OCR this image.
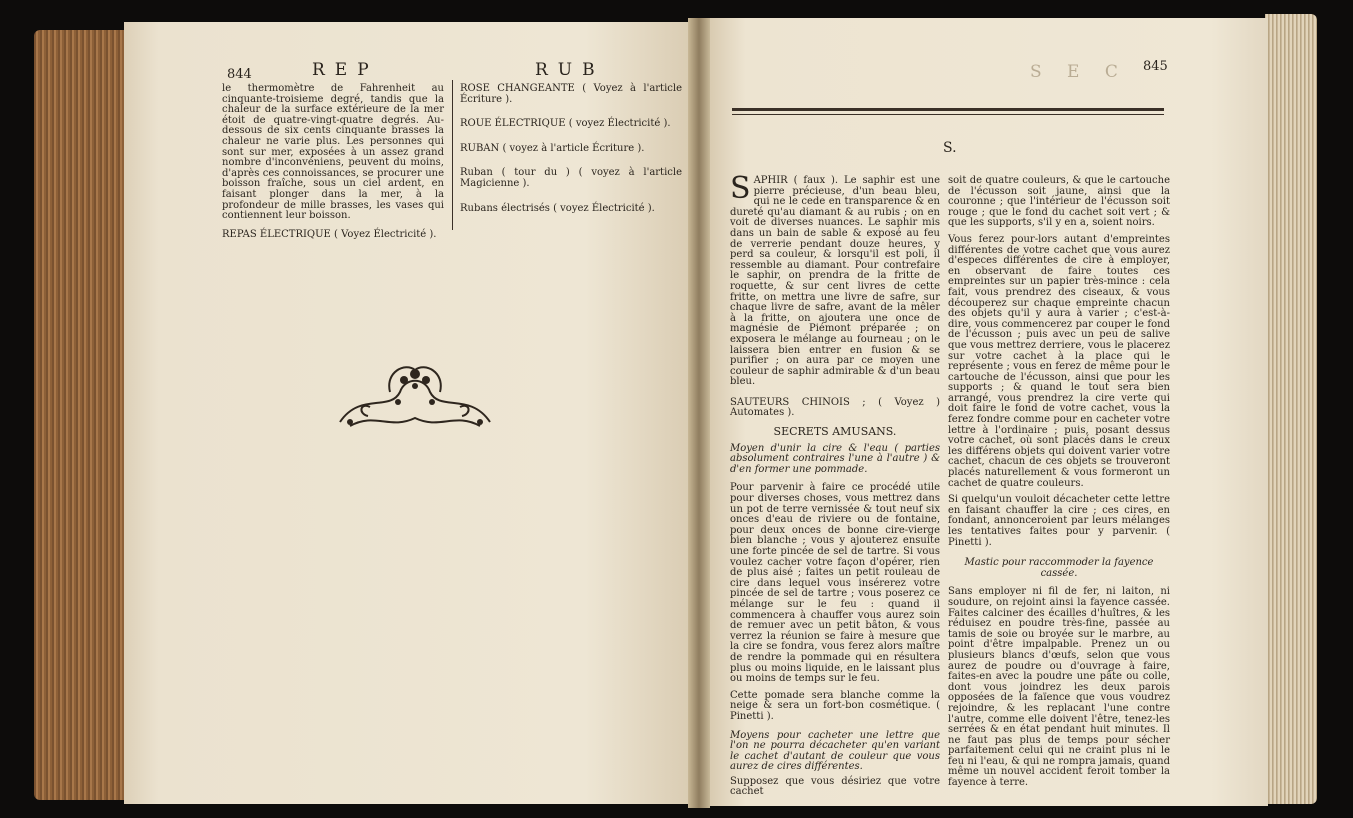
844	REP	RUB

le thermomètre de Fahrenheit au cinquante-troisieme degré, tandis que la chaleur de la surface extérieure de la mer étoit de quatre-vingt-quatre degrés. Au-dessous de six cents cinquante brasses la chaleur ne varie plus. Les personnes qui sont sur mer, exposées à un assez grand nombre d'inconvéniens, peuvent du moins, d'après ces connoissances, se procurer une boisson fraîche, sous un ciel ardent, en faisant plonger dans la mer, à la profondeur de mille brasses, les vases qui contiennent leur boisson.

REPAS ÉLECTRIQUE ( Voyez Électricité ).

ROSE CHANGEANTE ( Voyez à l'article Écriture ).

ROUE ÉLECTRIQUE ( voyez Électricité ).

RUBAN ( voyez à l'article Écriture ).

Ruban ( tour du ) ( voyez à l'article Magicienne ).

Rubans électrisés ( voyez Électricité ).

S E C 845
S.

SAPHIR ( faux ). Le saphir est une pierre précieuse, d'un beau bleu, qui ne le cede en transparence & en dureté qu'au diamant & au rubis ; on en voit de diverses nuances. Le saphir mis dans un bain de sable & exposé au feu de verrerie pendant douze heures, y perd sa couleur, & lorsqu'il est poli, il ressemble au diamant. Pour contrefaire le saphir, on prendra de la fritte de roquette, & sur cent livres de cette fritte, on mettra une livre de safre, sur chaque livre de safre, avant de la mêler à la fritte, on ajoutera une once de magnésie de Piémont préparée ; on exposera le mélange au fourneau ; on le laissera bien entrer en fusion & se purifier ; on aura par ce moyen une couleur de saphir admirable & d'un beau bleu.

SAUTEURS CHINOIS ; ( Voyez ) Automates ).

SECRETS AMUSANS.

Moyen d'unir la cire & l'eau ( parties absolument contraires l'une à l'autre ) & d'en former une pommade.

Pour parvenir à faire ce procédé utile pour diverses choses, vous mettrez dans un pot de terre vernissée & tout neuf six onces d'eau de riviere ou de fontaine, pour deux onces de bonne cire-vierge bien blanche ; vous y ajouterez ensuite une forte pincée de sel de tartre. Si vous voulez cacher votre façon d'opérer, rien de plus aisé ; faites un petit rouleau de cire dans lequel vous insérerez votre pincée de sel de tartre ; vous poserez ce mélange sur le feu : quand il commencera à chauffer vous aurez soin de remuer avec un petit bâton, & vous verrez la réunion se faire à mesure que la cire se fondra, vous ferez alors maître de rendre la pommade qui en résultera plus ou moins liquide, en le laissant plus ou moins de temps sur le feu.

Cette pomade sera blanche comme la neige & sera un fort-bon cosmétique. ( Pinetti ).

Moyens pour cacheter une lettre que l'on ne pourra décacheter qu'en variant le cachet d'autant de couleur que vous aurez de cires différentes.

Supposez que vous désiriez que votre cachet

soit de quatre couleurs, & que le cartouche de l'écusson soit jaune, ainsi que la couronne ; que l'intérieur de l'écusson soit rouge ; que le fond du cachet soit vert ; & que les supports, s'il y en a, soient noirs.

Vous ferez pour-lors autant d'empreintes différentes de votre cachet que vous aurez d'especes différentes de cire à employer, en observant de faire toutes ces empreintes sur un papier très-mince : cela fait, vous prendrez des ciseaux, & vous découperez sur chaque empreinte chacun des objets qu'il y aura à varier ; c'est-à-dire, vous commencerez par couper le fond de l'écusson ; puis avec un peu de salive que vous mettrez derriere, vous le placerez sur votre cachet à la place qui le représente ; vous en ferez de même pour le cartouche de l'écusson, ainsi que pour les supports ; & quand le tout sera bien arrangé, vous prendrez la cire verte qui doit faire le fond de votre cachet, vous la ferez fondre comme pour en cacheter votre lettre à l'ordinaire ; puis, posant dessus votre cachet, où sont placés dans le creux les différens objets qui doivent varier votre cachet, chacun de ces objets se trouveront placés naturellement & vous formeront un cachet de quatre couleurs.

Si quelqu'un vouloit décacheter cette lettre en faisant chauffer la cire ; ces cires, en fondant, annonceroient par leurs mélanges les tentatives faites pour y parvenir. ( Pinetti ).

Mastic pour raccommoder la fayence cassée.

Sans employer ni fil de fer, ni laiton, ni soudure, on rejoint ainsi la fayence cassée. Faites calciner des écailles d'huîtres, & les réduisez en poudre très-fine, passée au tamis de soie ou broyée sur le marbre, au point d'être impalpable. Prenez un ou plusieurs blancs d'œufs, selon que vous aurez de poudre ou d'ouvrage à faire, faites-en avec la poudre une pâte ou colle, dont vous joindrez les deux parois opposées de la faïence que vous voudrez rejoindre, & les replacant l'une contre l'autre, comme elle doivent l'être, tenez-les serrées & en état pendant huit minutes. Il ne faut pas plus de temps pour sécher parfaitement celui qui ne craint plus ni le feu ni l'eau, & qui ne rompra jamais, quand même un nouvel accident feroit tomber la fayence à terre.
